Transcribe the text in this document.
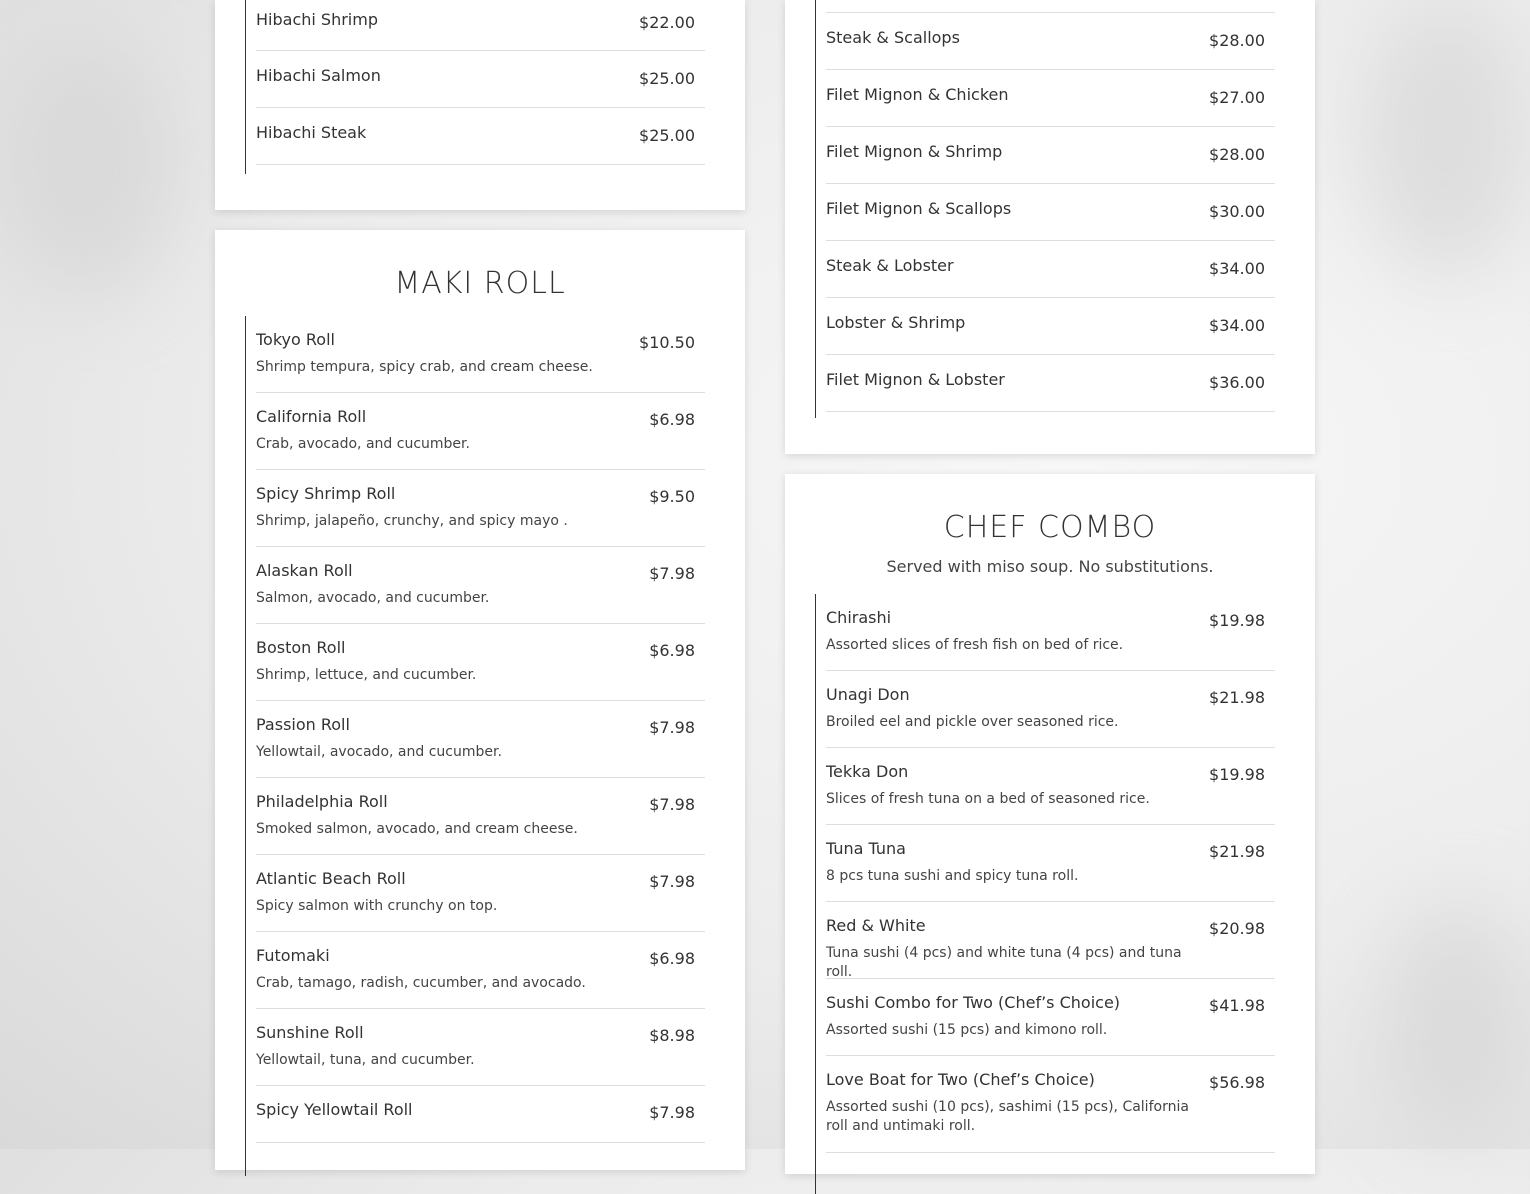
Hibachi Shrimp	$22.00
Hibachi Salmon	$25.00
Hibachi Steak	$25.00
Steak & Scallops	$28.00
Filet Mignon & Chicken	$27.00
Filet Mignon & Shrimp	$28.00
Filet Mignon & Scallops	$30.00
Steak & Lobster	$34.00
Lobster & Shrimp	$34.00
Filet Mignon & Lobster	$36.00
MAKI ROLL
Tokyo Roll
Shrimp tempura, spicy crab, and cream cheese.
$10.50
California Roll
Crab, avocado, and cucumber.
$6.98
Spicy Shrimp Roll
Shrimp, jalapeño, crunchy, and spicy mayo .
$9.50
Alaskan Roll
Salmon, avocado, and cucumber.
$7.98
Boston Roll
Shrimp, lettuce, and cucumber.
$6.98
Passion Roll
Yellowtail, avocado, and cucumber.
$7.98
Philadelphia Roll
Smoked salmon, avocado, and cream cheese.
$7.98
Atlantic Beach Roll
Spicy salmon with crunchy on top.
$7.98
Futomaki
Crab, tamago, radish, cucumber, and avocado.
$6.98
Sunshine Roll
Yellowtail, tuna, and cucumber.
$8.98
Spicy Yellowtail Roll	$7.98
CHEF COMBO
Served with miso soup. No substitutions.
Chirashi
Assorted slices of fresh fish on bed of rice.
$19.98
Unagi Don
Broiled eel and pickle over seasoned rice.
$21.98
Tekka Don
Slices of fresh tuna on a bed of seasoned rice.
$19.98
Tuna Tuna
8 pcs tuna sushi and spicy tuna roll.
$21.98
Red & White
Tuna sushi (4 pcs) and white tuna (4 pcs) and tuna roll.
$20.98
Sushi Combo for Two (Chef’s Choice)
Assorted sushi (15 pcs) and kimono roll.
$41.98
Love Boat for Two (Chef’s Choice)
Assorted sushi (10 pcs), sashimi (15 pcs), California roll and untimaki roll.
$56.98
